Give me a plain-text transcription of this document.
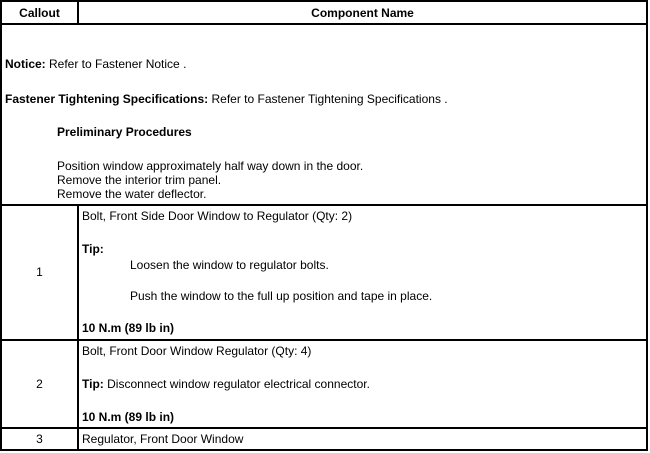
Callout	Component Name
Notice: Refer to Fastener Notice .
Fastener Tightening Specifications: Refer to Fastener Tightening Specifications .
Preliminary Procedures
Position window approximately half way down in the door.
Remove the interior trim panel.
Remove the water deflector.
1
Bolt, Front Side Door Window to Regulator (Qty: 2)
Tip:
Loosen the window to regulator bolts.
Push the window to the full up position and tape in place.
10 N.m (89 lb in)
2
Bolt, Front Door Window Regulator (Qty: 4)
Tip: Disconnect window regulator electrical connector.
10 N.m (89 lb in)
3	Regulator, Front Door Window
